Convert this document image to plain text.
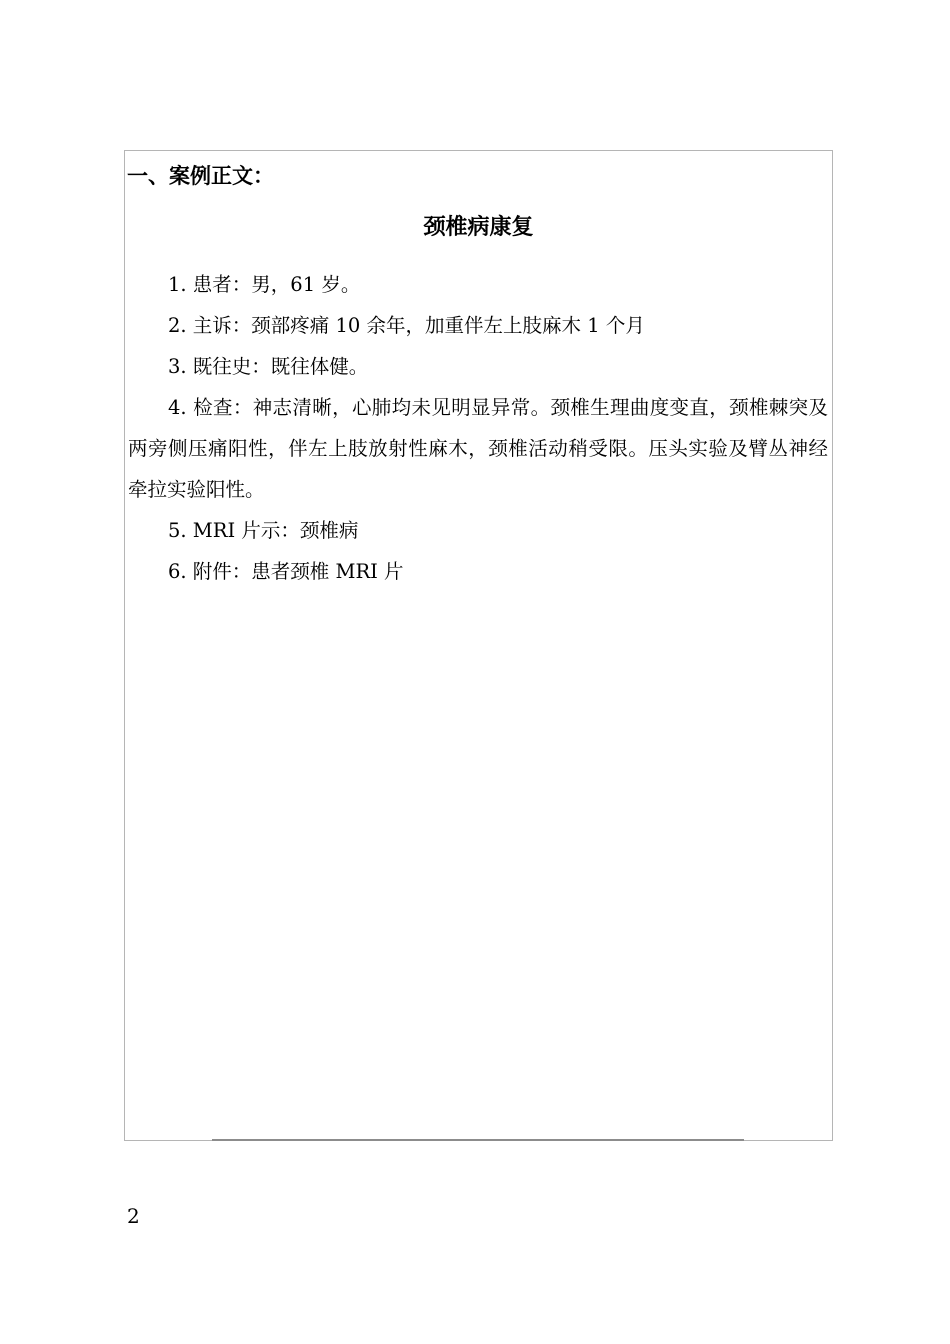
一、案例正文：
颈椎病康复
1. 患者：男，61 岁。
2. 主诉：颈部疼痛 10 余年，加重伴左上肢麻木 1 个月
3. 既往史：既往体健。
4. 检查：神志清晰，心肺均未见明显异常。颈椎生理曲度变直，颈椎棘突及两旁侧压痛阳性，伴左上肢放射性麻木，颈椎活动稍受限。压头实验及臂丛神经牵拉实验阳性。
5. MRI 片示：颈椎病
6. 附件：患者颈椎 MRI 片
2
